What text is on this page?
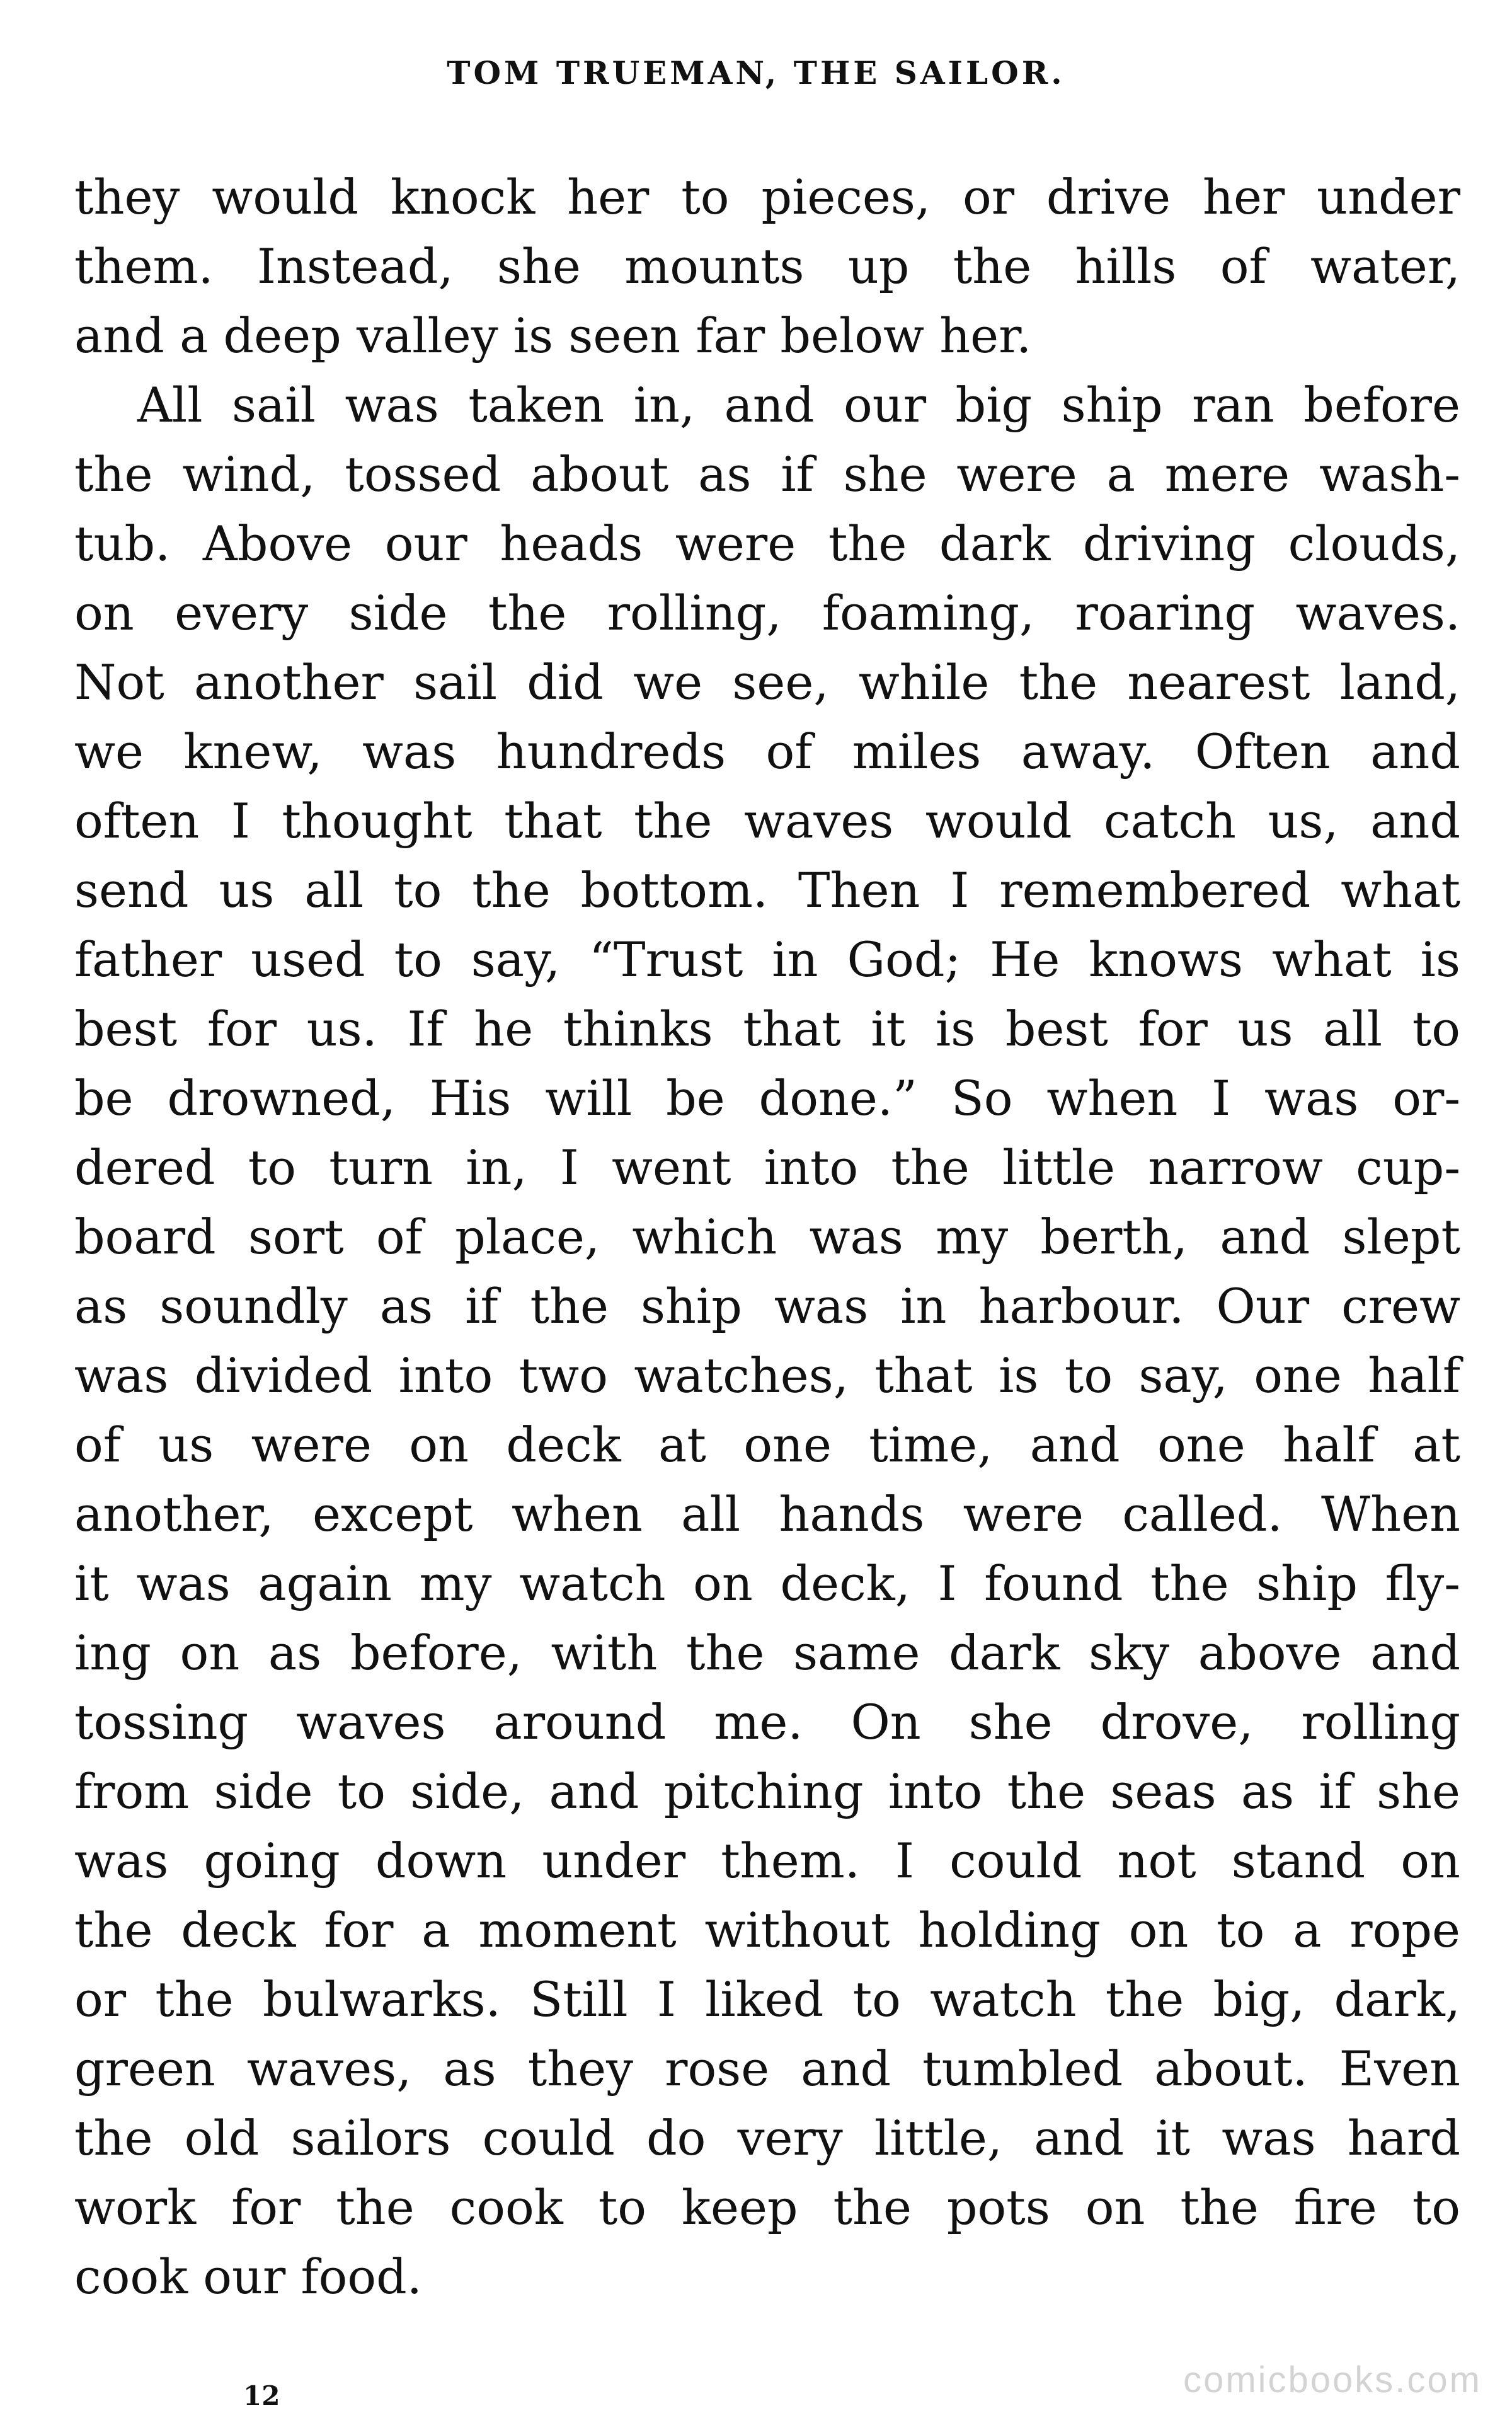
TOM TRUEMAN, THE SAILOR.
they would knock her to pieces, or drive her under
them. Instead, she mounts up the hills of water,
and a deep valley is seen far below her.
All sail was taken in, and our big ship ran before
the wind, tossed about as if she were a mere wash-
tub. Above our heads were the dark driving clouds,
on every side the rolling, foaming, roaring waves.
Not another sail did we see, while the nearest land,
we knew, was hundreds of miles away. Often and
often I thought that the waves would catch us, and
send us all to the bottom. Then I remembered what
father used to say, “Trust in God; He knows what is
best for us. If he thinks that it is best for us all to
be drowned, His will be done.” So when I was or-
dered to turn in, I went into the little narrow cup-
board sort of place, which was my berth, and slept
as soundly as if the ship was in harbour. Our crew
was divided into two watches, that is to say, one half
of us were on deck at one time, and one half at
another, except when all hands were called. When
it was again my watch on deck, I found the ship fly-
ing on as before, with the same dark sky above and
tossing waves around me. On she drove, rolling
from side to side, and pitching into the seas as if she
was going down under them. I could not stand on
the deck for a moment without holding on to a rope
or the bulwarks. Still I liked to watch the big, dark,
green waves, as they rose and tumbled about. Even
the old sailors could do very little, and it was hard
work for the cook to keep the pots on the fire to
cook our food.
12	comicbooks.com
